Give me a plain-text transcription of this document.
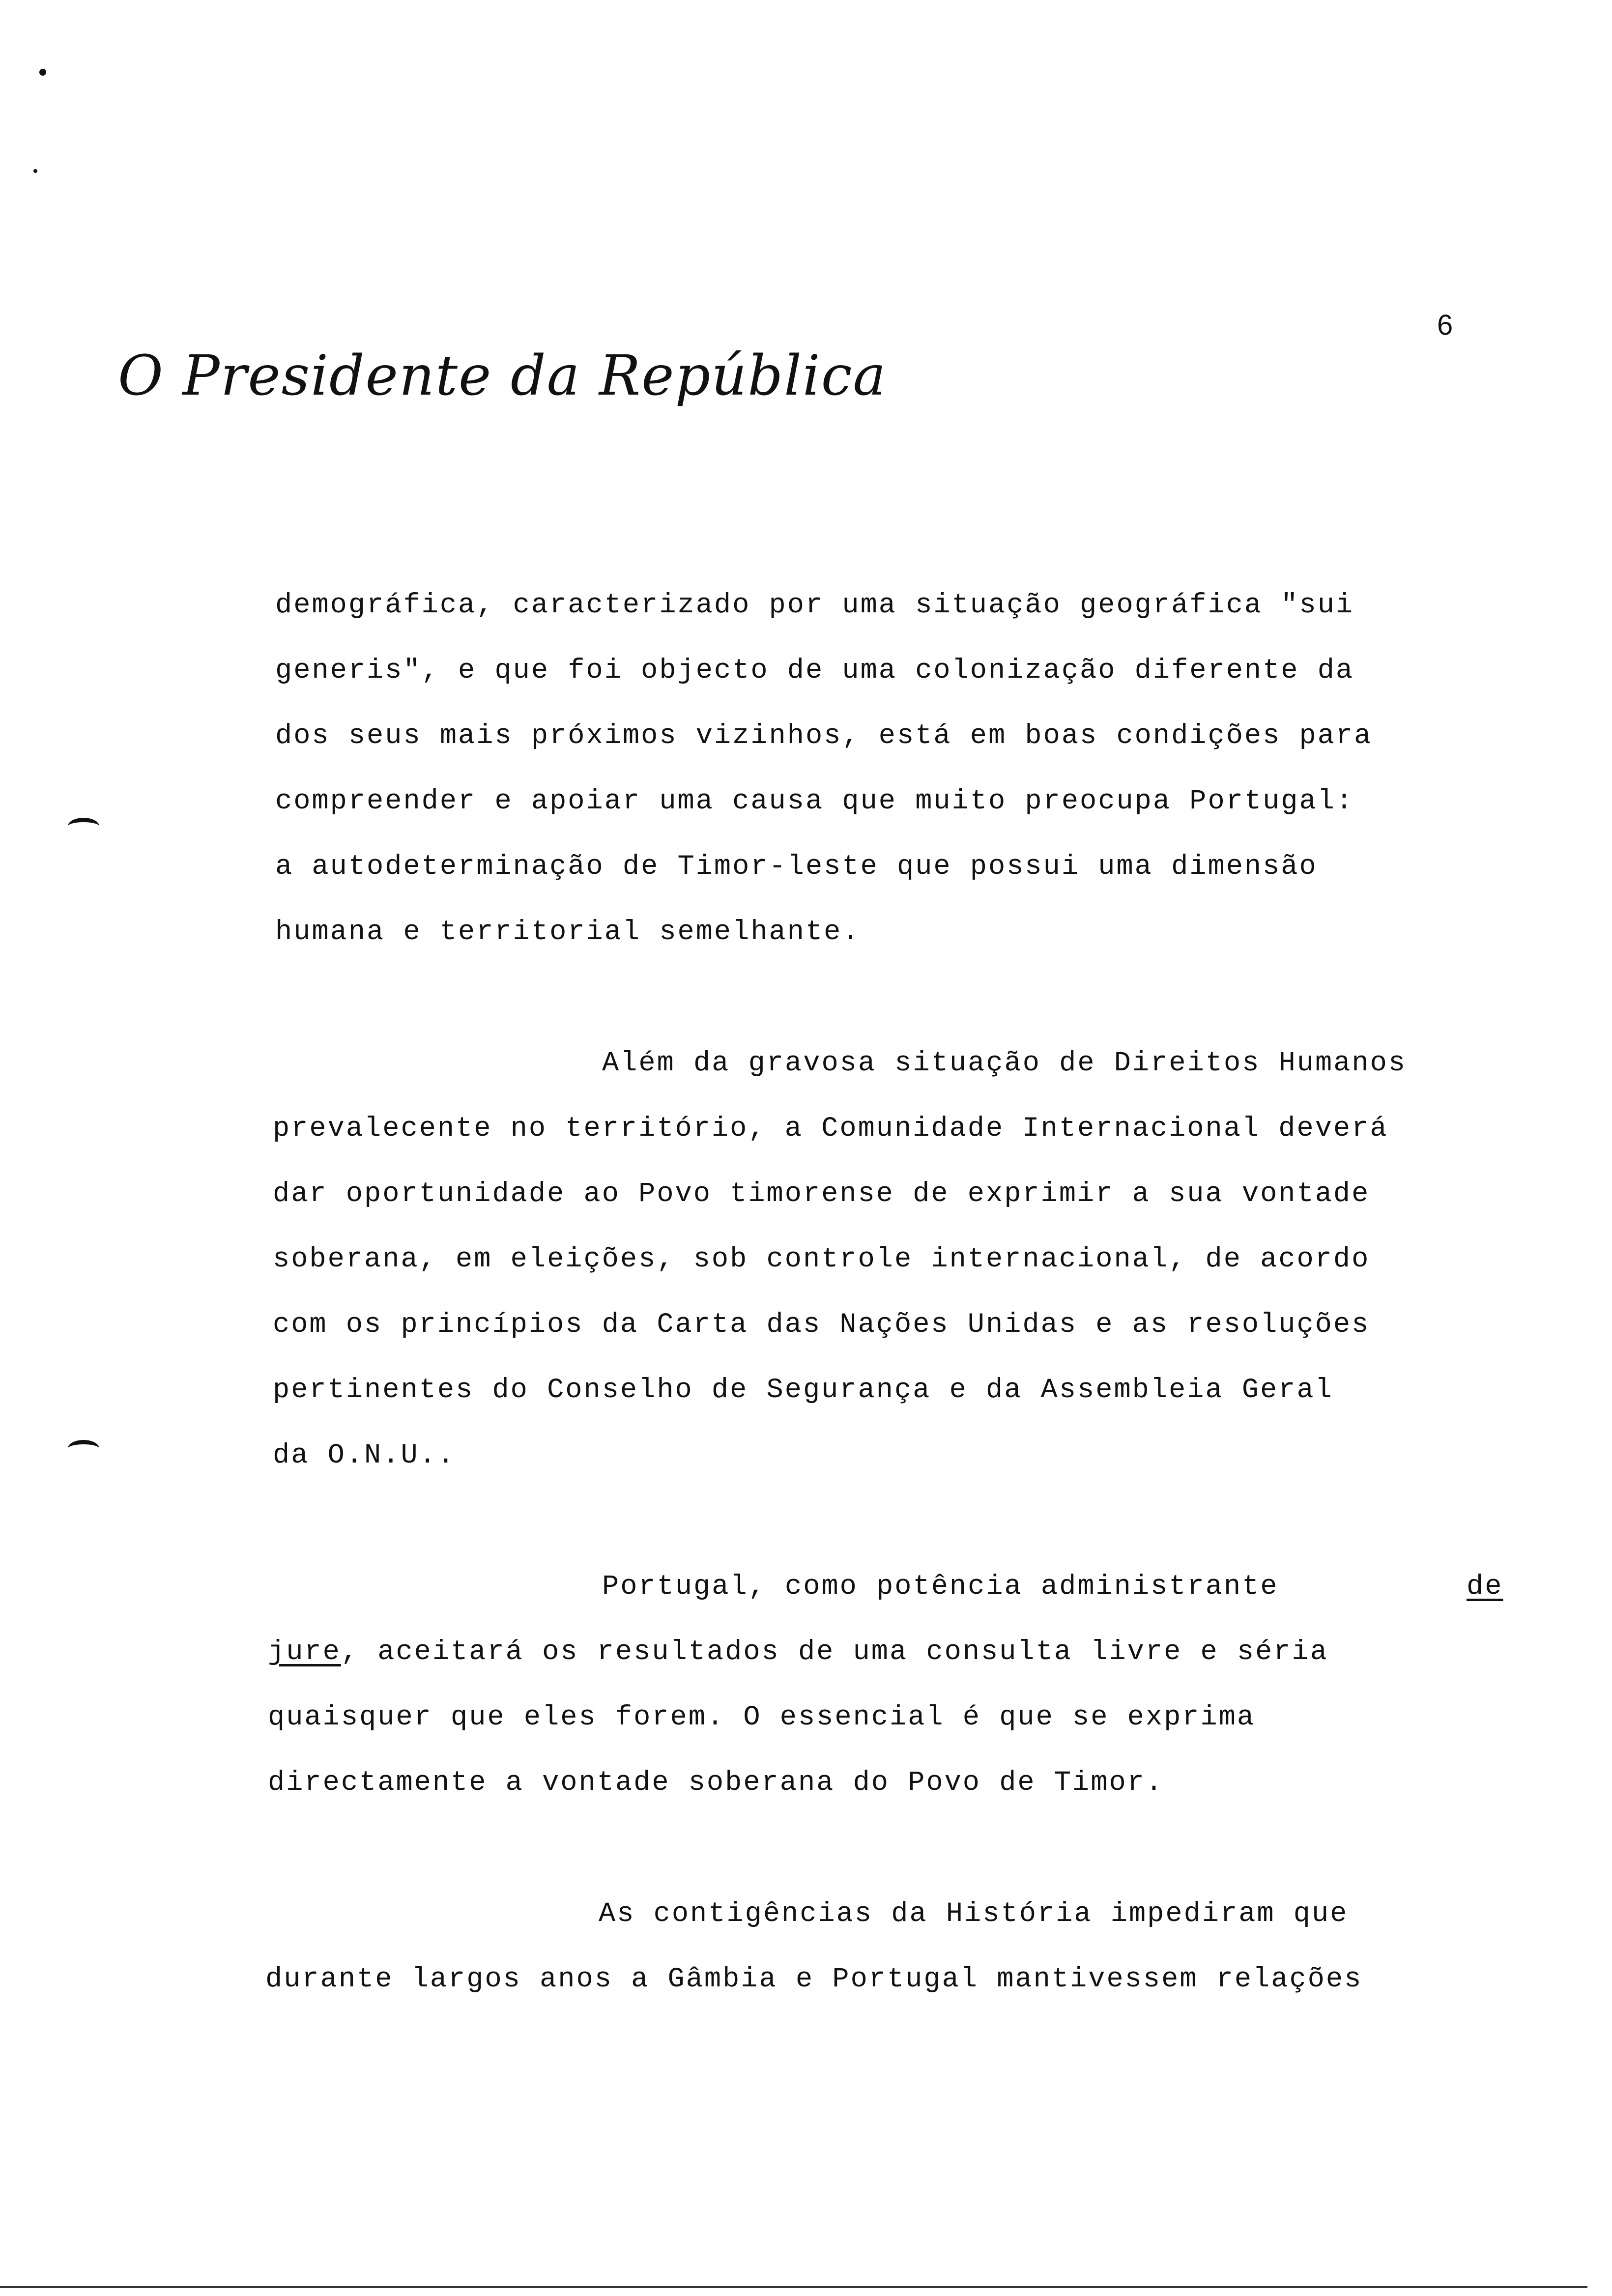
O Presidente da República
6
demográfica, caracterizado por uma situação geográfica "sui
generis", e que foi objecto de uma colonização diferente da
dos seus mais próximos vizinhos, está em boas condições para
compreender e apoiar uma causa que muito preocupa Portugal:
a autodeterminação de Timor-leste que possui uma dimensão
humana e territorial semelhante.
Além da gravosa situação de Direitos Humanos
prevalecente no território, a Comunidade Internacional deverá
dar oportunidade ao Povo timorense de exprimir a sua vontade
soberana, em eleições, sob controle internacional, de acordo
com os princípios da Carta das Nações Unidas e as resoluções
pertinentes do Conselho de Segurança e da Assembleia Geral
da O.N.U..
Portugal, como potência administrante	de
jure , aceitará os resultados de uma consulta livre e séria
quaisquer que eles forem. O essencial é que se exprima
directamente a vontade soberana do Povo de Timor.
As contigências da História impediram que
durante largos anos a Gâmbia e Portugal mantivessem relações
